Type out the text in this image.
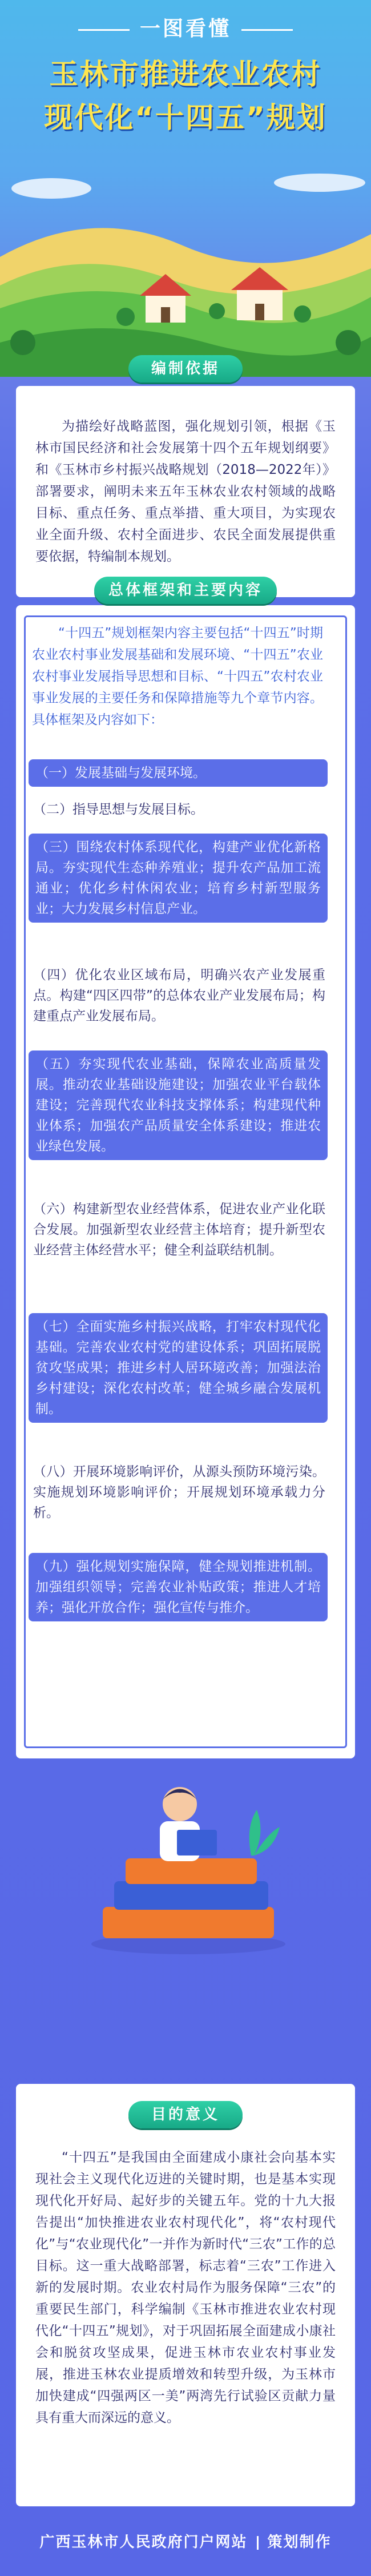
一图看懂
玉林市推进农业农村
现代化“十四五”规划
编制依据

为描绘好战略蓝图，强化规划引领，根据《玉林市国民经济和社会发展第十四个五年规划纲要》和《玉林市乡村振兴战略规划（2018—2022年）》部署要求，阐明未来五年玉林农业农村领域的战略目标、重点任务、重点举措、重大项目，为实现农业全面升级、农村全面进步、农民全面发展提供重要依据，特编制本规划。

总体框架和主要内容

“十四五”规划框架内容主要包括“十四五”时期农业农村事业发展基础和发展环境、“十四五”农业农村事业发展指导思想和目标、“十四五”农村农业事业发展的主要任务和保障措施等九个章节内容。具体框架及内容如下：

（一）发展基础与发展环境。
（二）指导思想与发展目标。
（三）围绕农村体系现代化，构建产业优化新格局。夯实现代生态种养殖业；提升农产品加工流通业；优化乡村休闲农业；培育乡村新型服务业；大力发展乡村信息产业。
（四）优化农业区域布局，明确兴农产业发展重点。构建“四区四带”的总体农业产业发展布局；构建重点产业发展布局。
（五）夯实现代农业基础，保障农业高质量发展。推动农业基础设施建设；加强农业平台载体建设；完善现代农业科技支撑体系；构建现代种业体系；加强农产品质量安全体系建设；推进农业绿色发展。
（六）构建新型农业经营体系，促进农业产业化联合发展。加强新型农业经营主体培育；提升新型农业经营主体经营水平；健全利益联结机制。
（七）全面实施乡村振兴战略，打牢农村现代化基础。完善农业农村党的建设体系；巩固拓展脱贫攻坚成果；推进乡村人居环境改善；加强法治乡村建设；深化农村改革；健全城乡融合发展机制。
（八）开展环境影响评价，从源头预防环境污染。实施规划环境影响评价；开展规划环境承载力分析。
（九）强化规划实施保障，健全规划推进机制。加强组织领导；完善农业补贴政策；推进人才培养；强化开放合作；强化宣传与推介。

“十四五”是我国由全面建成小康社会向基本实现社会主义现代化迈进的关键时期，也是基本实现现代化开好局、起好步的关键五年。党的十九大报告提出“加快推进农业农村现代化”，将“农村现代化”与“农业现代化”一并作为新时代“三农”工作的总目标。这一重大战略部署，标志着“三农”工作进入新的发展时期。农业农村局作为服务保障“三农”的重要民生部门，科学编制《玉林市推进农业农村现代化“十四五”规划》，对于巩固拓展全面建成小康社会和脱贫攻坚成果，促进玉林市农业农村事业发展，推进玉林农业提质增效和转型升级，为玉林市加快建成“四强两区一美”两湾先行试验区贡献力量具有重大而深远的意义。

目的意义
广西玉林市人民政府门户网站 策划制作
